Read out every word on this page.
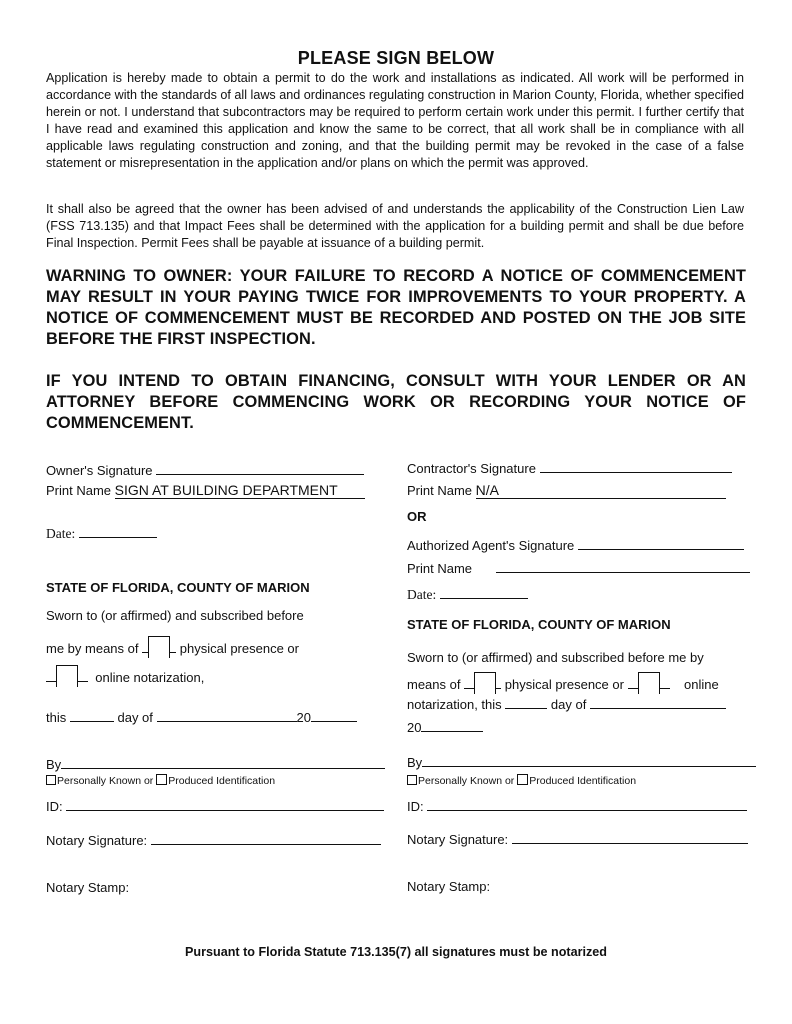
PLEASE SIGN BELOW

Application is hereby made to obtain a permit to do the work and installations as indicated. All work will be performed in accordance with the standards of all laws and ordinances regulating construction in Marion County, Florida, whether specified herein or not. I understand that subcontractors may be required to perform certain work under this permit. I further certify that I have read and examined this application and know the same to be correct, that all work shall be in compliance with all applicable laws regulating construction and zoning, and that the building permit may be revoked in the case of a false statement or misrepresentation in the application and/or plans on which the permit was approved.

It shall also be agreed that the owner has been advised of and understands the applicability of the Construction Lien Law (FSS 713.135) and that Impact Fees shall be determined with the application for a building permit and shall be due before Final Inspection. Permit Fees shall be payable at issuance of a building permit.

WARNING TO OWNER: YOUR FAILURE TO RECORD A NOTICE OF COMMENCEMENT MAY RESULT IN YOUR PAYING TWICE FOR IMPROVEMENTS TO YOUR PROPERTY. A NOTICE OF COMMENCEMENT MUST BE RECORDED AND POSTED ON THE JOB SITE BEFORE THE FIRST INSPECTION.

IF YOU INTEND TO OBTAIN FINANCING, CONSULT WITH YOUR LENDER OR AN ATTORNEY BEFORE COMMENCING WORK OR RECORDING YOUR NOTICE OF COMMENCEMENT.

Owner's Signature
Print Name SIGN AT BUILDING DEPARTMENT
Date:
STATE OF FLORIDA, COUNTY OF MARION
Sworn to (or affirmed) and subscribed before
me by means of	physical presence or
online notarization,
this	day of	20
By
Personally Known or Produced Identification
ID:
Notary Signature:
Notary Stamp:
Contractor's Signature
Print Name N/A
OR
Authorized Agent's Signature
Print Name
Date:
STATE OF FLORIDA, COUNTY OF MARION
Sworn to (or affirmed) and subscribed before me by
means of	physical presence or	online
notarization, this	day of
20
By
Personally Known or Produced Identification
ID:
Notary Signature:
Notary Stamp:
Pursuant to Florida Statute 713.135(7) all signatures must be notarized
